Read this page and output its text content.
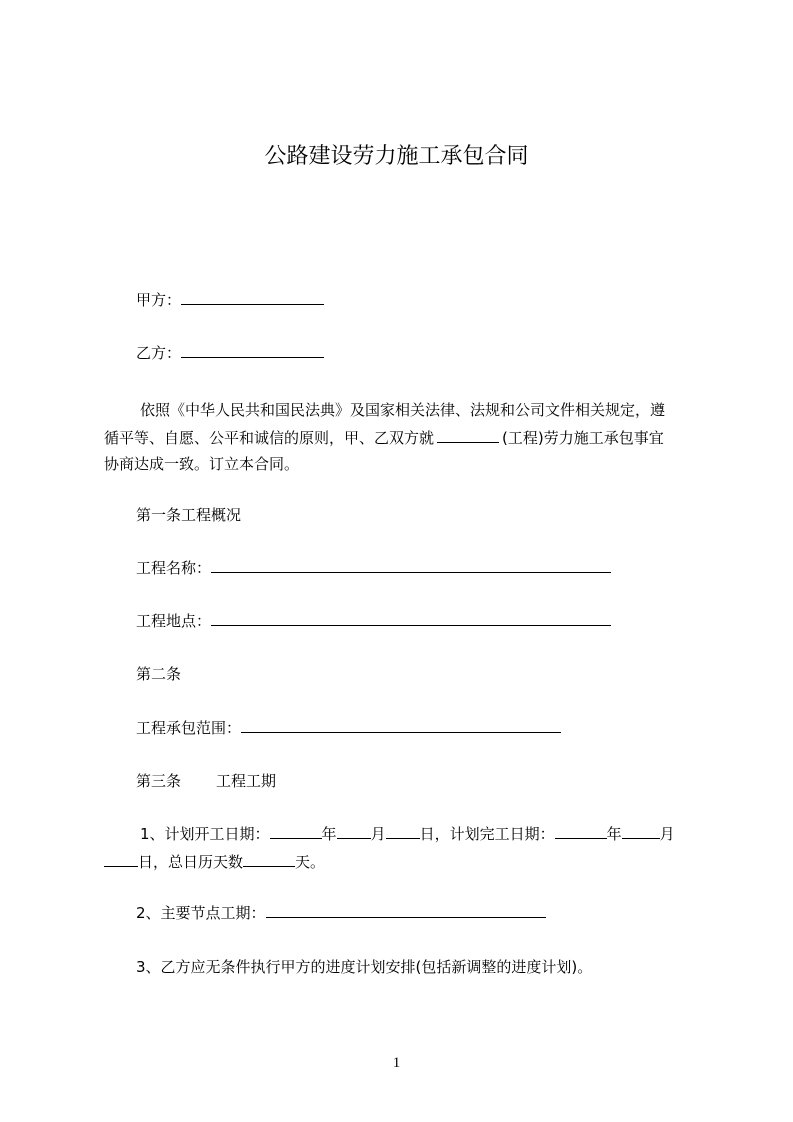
公路建设劳力施工承包合同
甲方：
乙方：
依照《中华人民共和国民法典》及国家相关法律、法规和公司文件相关规定，遵
循平等、自愿、公平和诚信的原则，甲、乙双方就	(工程)劳力施工承包事宜
协商达成一致。订立本合同。
第一条工程概况
工程名称：
工程地点：
第二条
工程承包范围：
第三条 工程工期
1、计划开工日期：	年 月 日，计划完工日期：	年	月
日，总日历天数	天。
2、主要节点工期：
3、乙方应无条件执行甲方的进度计划安排(包括新调整的进度计划)。
1
